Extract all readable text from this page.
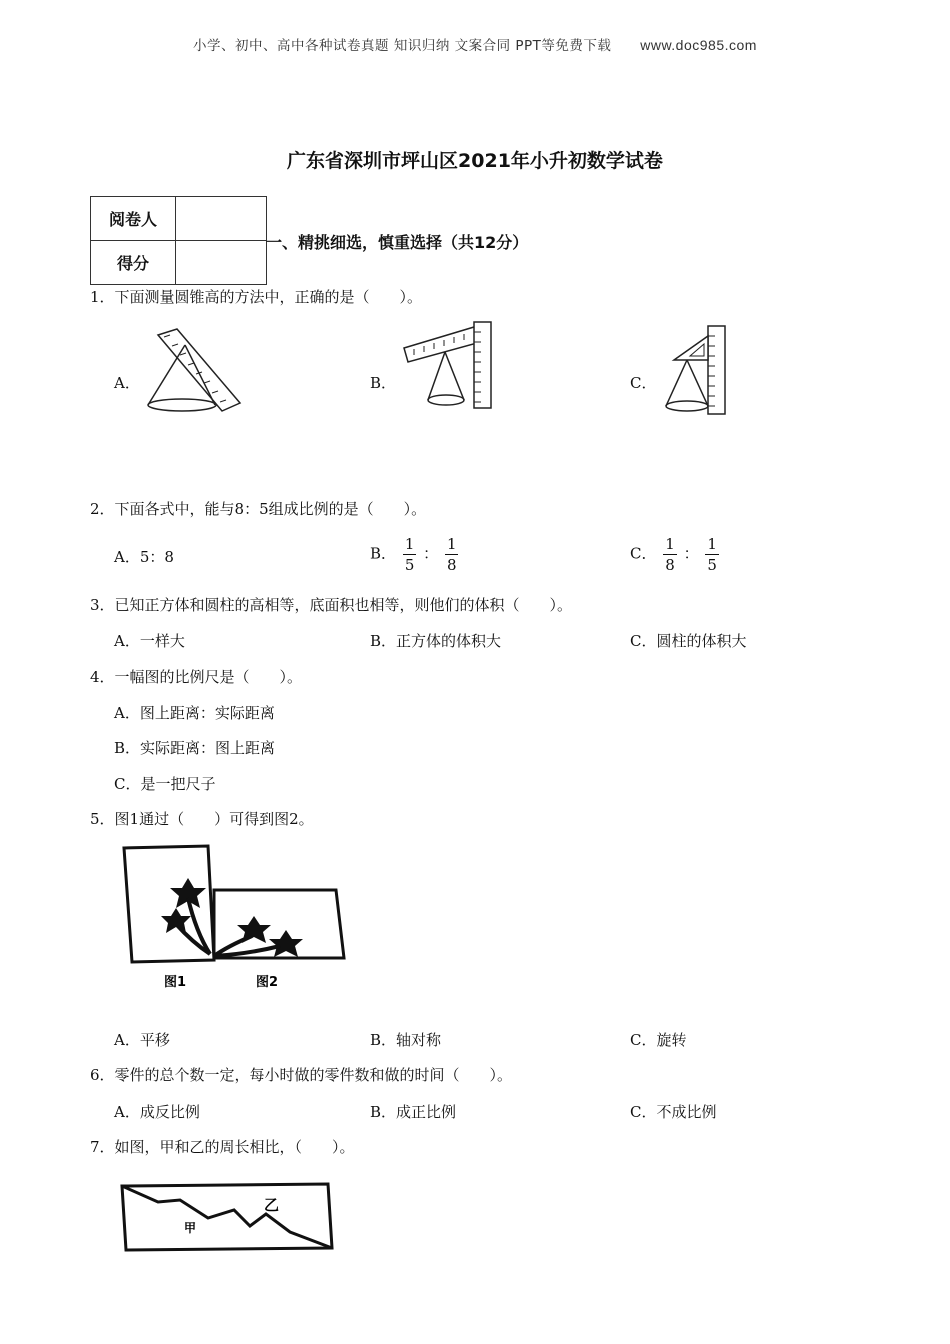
小学、初中、高中各种试卷真题 知识归纳 文案合同 PPT等免费下载 www.doc985.com
广东省深圳市坪山区2021年小升初数学试卷
阅卷人	
得分	
一、精挑细选，慎重选择（共12分）
1．下面测量圆锥高的方法中，正确的是（　　）。
A．	B．	C．
2．下面各式中，能与8：5组成比例的是（　　）。
A．5：8	B． $\frac{1}{5}$ ： $\frac{1}{8}$	C． $\frac{1}{8}$ ： $\frac{1}{5}$
3．已知正方体和圆柱的高相等，底面积也相等，则他们的体积（　　）。
A．一样大	B．正方体的体积大	C．圆柱的体积大
4．一幅图的比例尺是（　　）。
A．图上距离：实际距离
B．实际距离：图上距离
C．是一把尺子
5．图1通过（　　）可得到图2。
图1	图2
A．平移	B．轴对称	C．旋转
6．零件的总个数一定，每小时做的零件数和做的时间（　　）。
A．成反比例	B．成正比例	C．不成比例
7．如图，甲和乙的周长相比，（　　）。
甲
乙
